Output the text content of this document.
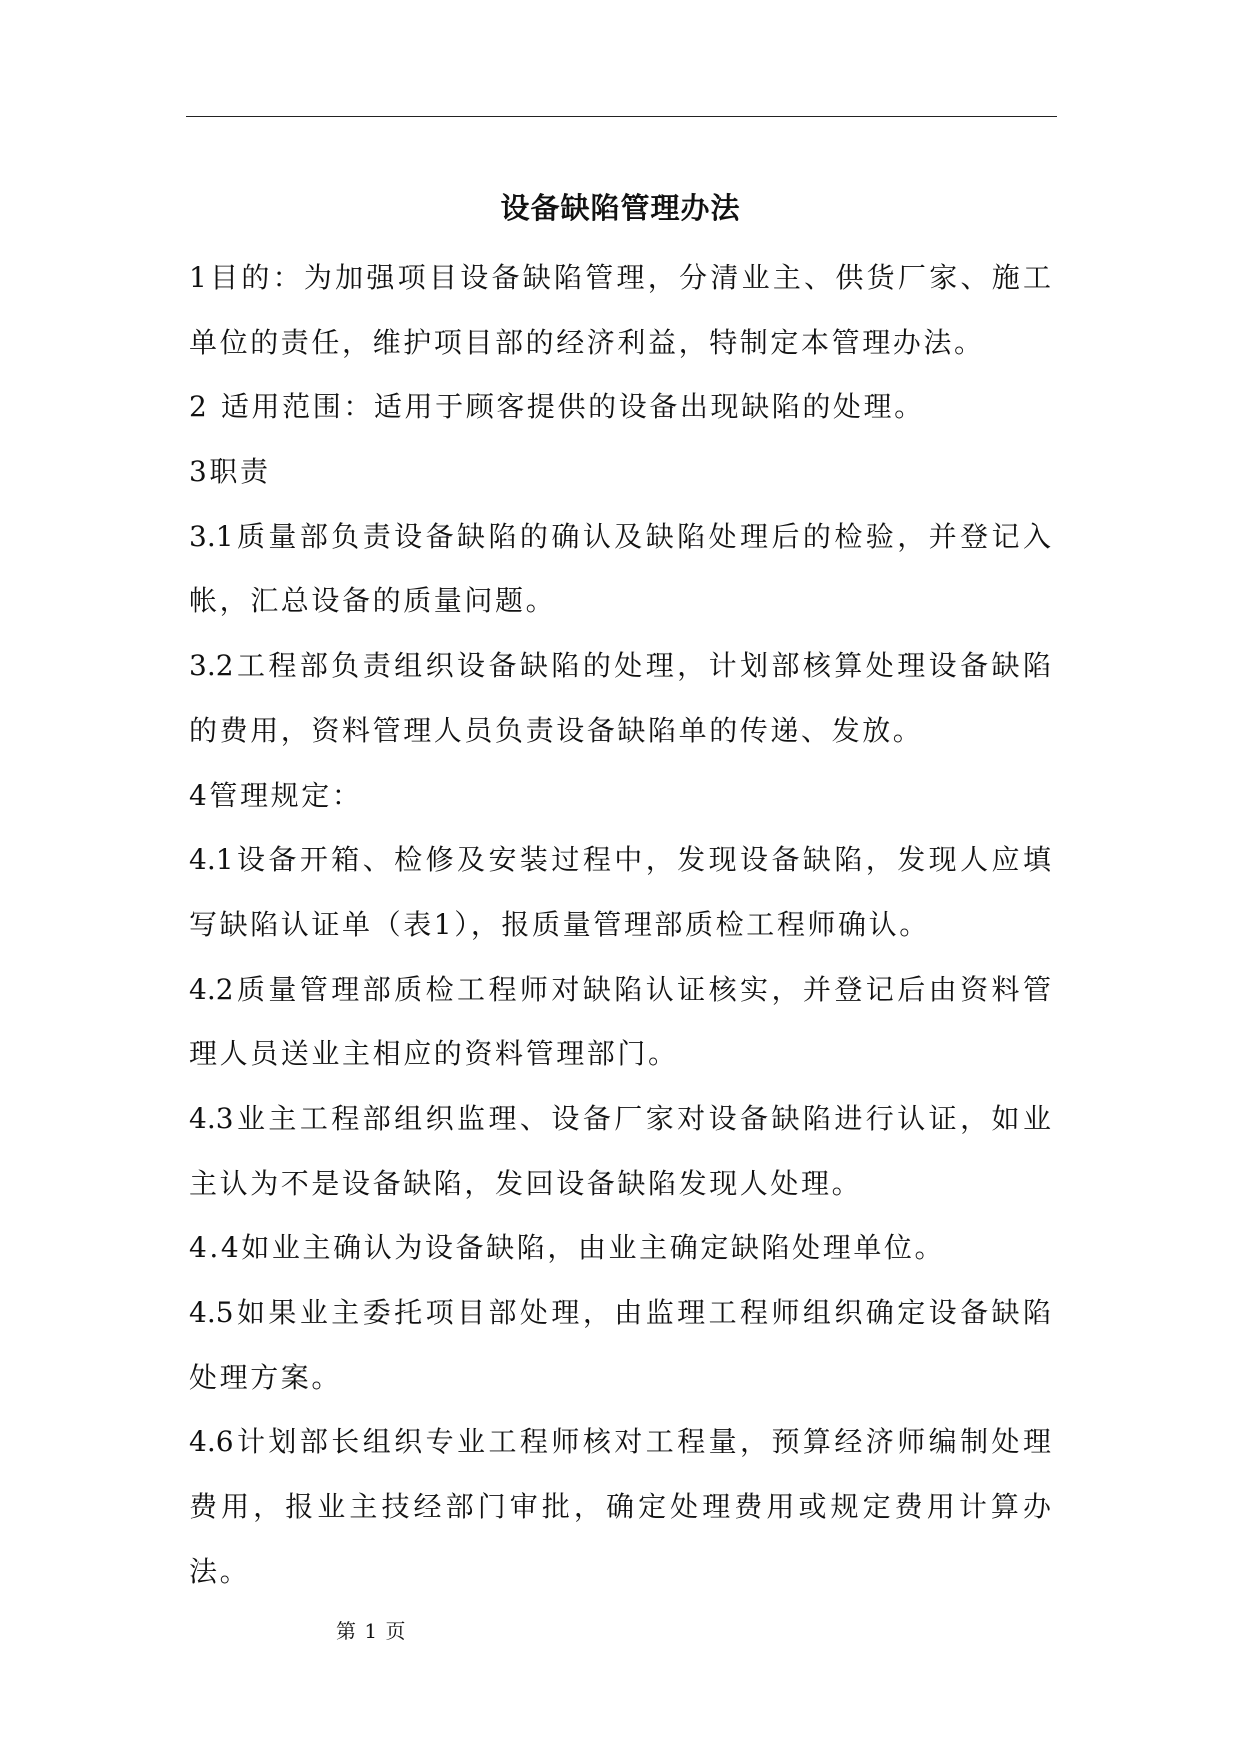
设备缺陷管理办法
1目的：为加强项目设备缺陷管理，分清业主、供货厂家、施工
单位的责任，维护项目部的经济利益，特制定本管理办法。
2 适用范围：适用于顾客提供的设备出现缺陷的处理。
3职责
3.1质量部负责设备缺陷的确认及缺陷处理后的检验，并登记入
帐，汇总设备的质量问题。
3.2工程部负责组织设备缺陷的处理，计划部核算处理设备缺陷
的费用，资料管理人员负责设备缺陷单的传递、发放。
4管理规定：
4.1设备开箱、检修及安装过程中，发现设备缺陷，发现人应填
写缺陷认证单（表1），报质量管理部质检工程师确认。
4.2质量管理部质检工程师对缺陷认证核实，并登记后由资料管
理人员送业主相应的资料管理部门。
4.3业主工程部组织监理、设备厂家对设备缺陷进行认证，如业
主认为不是设备缺陷，发回设备缺陷发现人处理。
4.4如业主确认为设备缺陷，由业主确定缺陷处理单位。
4.5如果业主委托项目部处理，由监理工程师组织确定设备缺陷
处理方案。
4.6计划部长组织专业工程师核对工程量，预算经济师编制处理
费用，报业主技经部门审批，确定处理费用或规定费用计算办
法。
第 1 页
